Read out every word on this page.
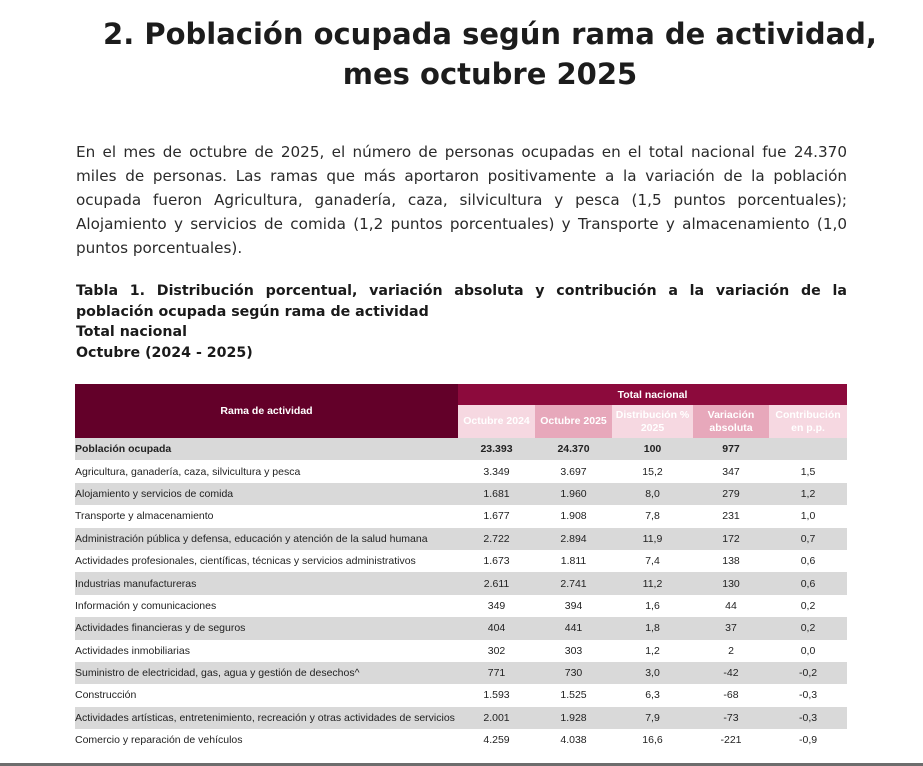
2. Población ocupada según rama de actividad,
mes octubre 2025

En el mes de octubre de 2025, el número de personas ocupadas en el total nacional fue 24.370 miles de personas. Las ramas que más aportaron positivamente a la variación de la población ocupada fueron Agricultura, ganadería, caza, silvicultura y pesca (1,5 puntos porcentuales); Alojamiento y servicios de comida (1,2 puntos porcentuales) y Transporte y almacenamiento (1,0 puntos porcentuales).

Tabla 1. Distribución porcentual, variación absoluta y contribución a la variación de la población ocupada según rama de actividad
Total nacional
Octubre (2024 - 2025)
Rama de actividad	Total nacional				
	Octubre 2024	Octubre 2025	Distribución % 2025	Variación absoluta	Contribución en p.p.
Población ocupada	23.393	24.370	100	977	
Agricultura, ganadería, caza, silvicultura y pesca	3.349	3.697	15,2	347	1,5
Alojamiento y servicios de comida	1.681	1.960	8,0	279	1,2
Transporte y almacenamiento	1.677	1.908	7,8	231	1,0
Administración pública y defensa, educación y atención de la salud humana	2.722	2.894	11,9	172	0,7
Actividades profesionales, científicas, técnicas y servicios administrativos	1.673	1.811	7,4	138	0,6
Industrias manufactureras	2.611	2.741	11,2	130	0,6
Información y comunicaciones	349	394	1,6	44	0,2
Actividades financieras y de seguros	404	441	1,8	37	0,2
Actividades inmobiliarias	302	303	1,2	2	0,0
Suministro de electricidad, gas, agua y gestión de desechos^	771	730	3,0	-42	-0,2
Construcción	1.593	1.525	6,3	-68	-0,3
Actividades artísticas, entretenimiento, recreación y otras actividades de servicios	2.001	1.928	7,9	-73	-0,3
Comercio y reparación de vehículos	4.259	4.038	16,6	-221	-0,9
